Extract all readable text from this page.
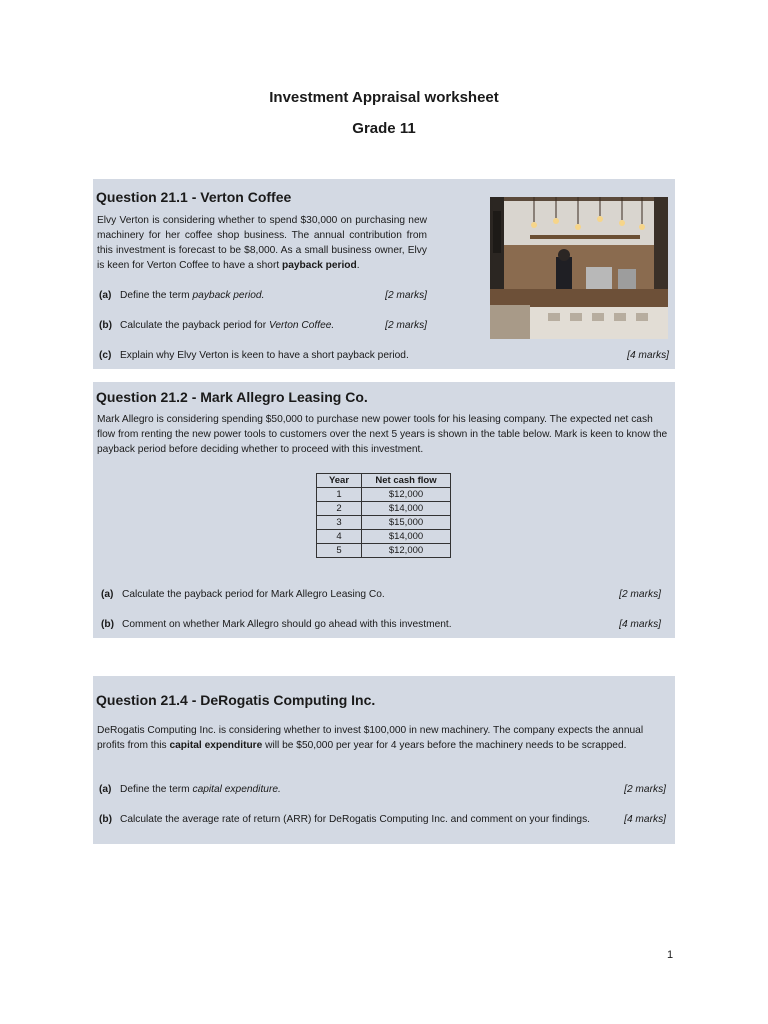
Investment Appraisal worksheet
Grade 11
Question 21.1 - Verton Coffee
Elvy Verton is considering whether to spend $30,000 on purchasing new machinery for her coffee shop business. The annual contribution from this investment is forecast to be $8,000. As a small business owner, Elvy is keen for Verton Coffee to have a short payback period.
(a) Define the term payback period.	[2 marks]
(b) Calculate the payback period for Verton Coffee.	[2 marks]
(c) Explain why Elvy Verton is keen to have a short payback period.	[4 marks]
Question 21.2 - Mark Allegro Leasing Co.
Mark Allegro is considering spending $50,000 to purchase new power tools for his leasing company. The expected net cash flow from renting the new power tools to customers over the next 5 years is shown in the table below. Mark is keen to know the payback period before deciding whether to proceed with this investment.
Year	Net cash flow
1	$12,000
2	$14,000
3	$15,000
4	$14,000
5	$12,000
(a) Calculate the payback period for Mark Allegro Leasing Co.	[2 marks]
(b) Comment on whether Mark Allegro should go ahead with this investment.	[4 marks]
Question 21.4 - DeRogatis Computing Inc.
DeRogatis Computing Inc. is considering whether to invest $100,000 in new machinery. The company expects the annual profits from this capital expenditure will be $50,000 per year for 4 years before the machinery needs to be scrapped.
(a) Define the term capital expenditure.	[2 marks]
(b) Calculate the average rate of return (ARR) for DeRogatis Computing Inc. and comment on your findings.	[4 marks]
1
